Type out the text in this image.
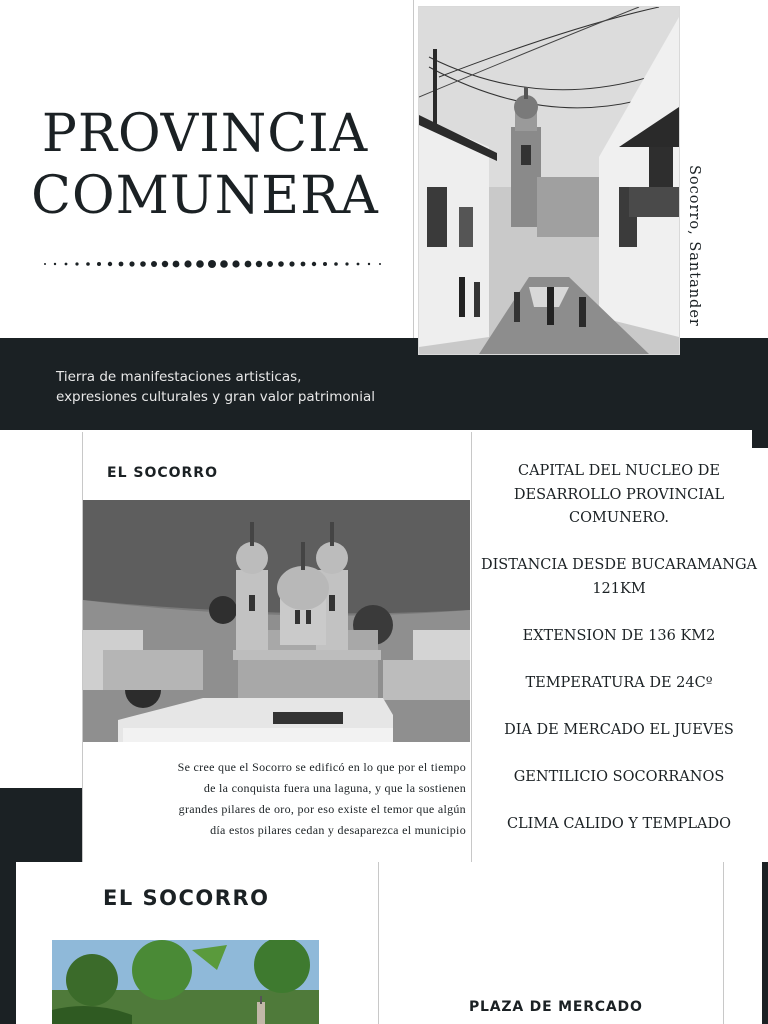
PROVINCIA
COMUNERA
Tierra de manifestaciones artisticas,
expresiones culturales y gran valor patrimonial
Socorro, Santander
EL SOCORRO
Se cree que el Socorro se edificó en lo que por el tiempo
de la conquista fuera una laguna, y que la sostienen
grandes pilares de oro, por eso existe el temor que algún
día estos pilares cedan y desaparezca el municipio

CAPITAL DEL NUCLEO DE DESARROLLO PROVINCIAL COMUNERO.

DISTANCIA DESDE BUCARAMANGA 121KM

EXTENSION DE 136 KM2

TEMPERATURA DE 24Cº

DIA DE MERCADO EL JUEVES

GENTILICIO SOCORRANOS

CLIMA CALIDO Y TEMPLADO

EL SOCORRO
PLAZA DE MERCADO
